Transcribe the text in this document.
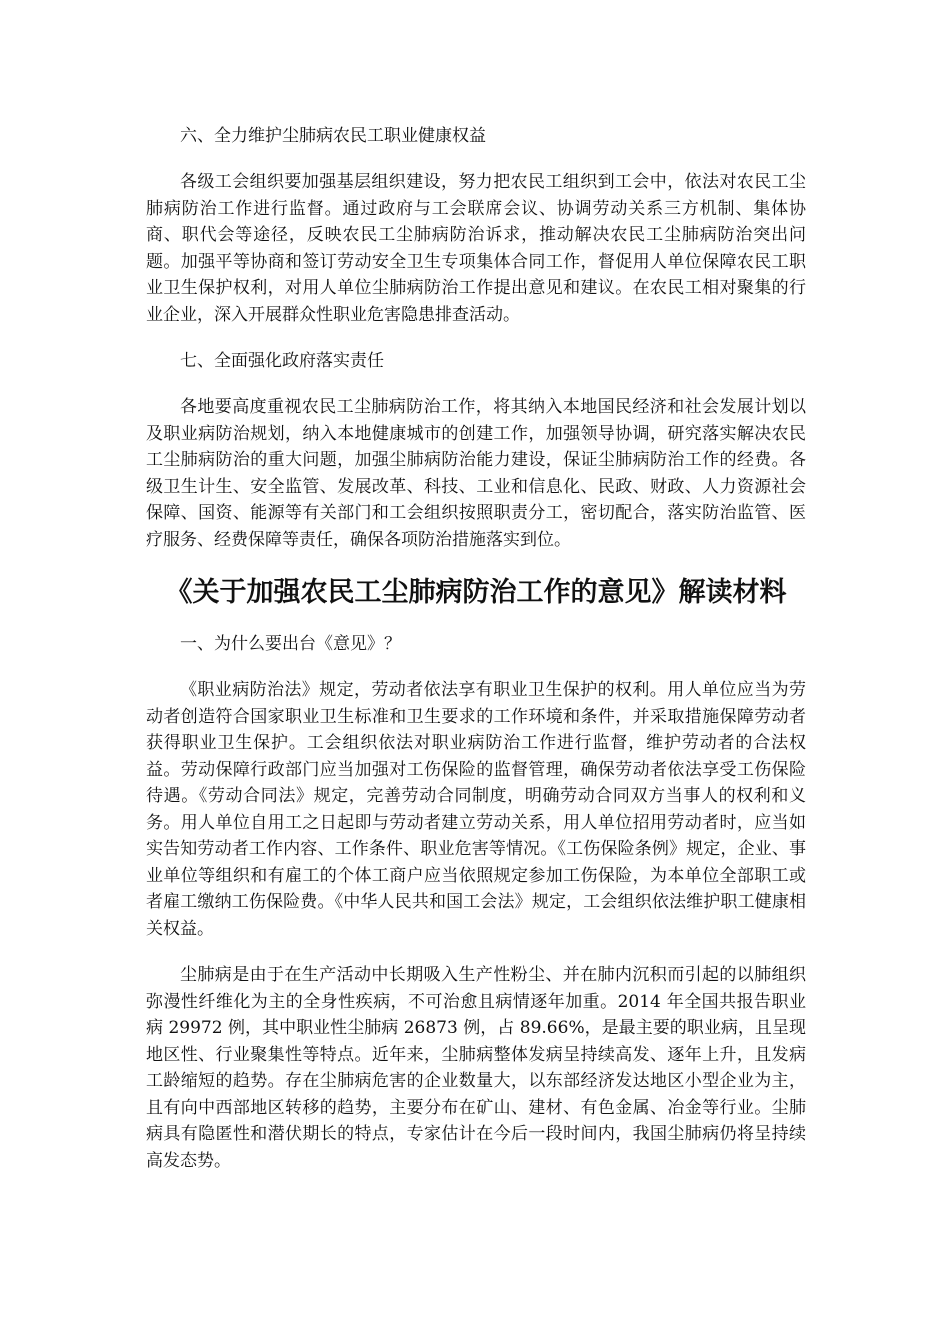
六、全力维护尘肺病农民工职业健康权益

各级工会组织要加强基层组织建设，努力把农民工组织到工会中，依法对农民工尘肺病防治工作进行监督。通过政府与工会联席会议、协调劳动关系三方机制、集体协商、职代会等途径，反映农民工尘肺病防治诉求，推动解决农民工尘肺病防治突出问题。加强平等协商和签订劳动安全卫生专项集体合同工作，督促用人单位保障农民工职业卫生保护权利，对用人单位尘肺病防治工作提出意见和建议。在农民工相对聚集的行业企业，深入开展群众性职业危害隐患排查活动。

七、全面强化政府落实责任

各地要高度重视农民工尘肺病防治工作，将其纳入本地国民经济和社会发展计划以及职业病防治规划，纳入本地健康城市的创建工作，加强领导协调，研究落实解决农民工尘肺病防治的重大问题，加强尘肺病防治能力建设，保证尘肺病防治工作的经费。各级卫生计生、安全监管、发展改革、科技、工业和信息化、民政、财政、人力资源社会保障、国资、能源等有关部门和工会组织按照职责分工，密切配合，落实防治监管、医疗服务、经费保障等责任，确保各项防治措施落实到位。

《关于加强农民工尘肺病防治工作的意见》解读材料

一、为什么要出台《意见》？

《职业病防治法》规定，劳动者依法享有职业卫生保护的权利。用人单位应当为劳动者创造符合国家职业卫生标准和卫生要求的工作环境和条件，并采取措施保障劳动者获得职业卫生保护。工会组织依法对职业病防治工作进行监督，维护劳动者的合法权益。劳动保障行政部门应当加强对工伤保险的监督管理，确保劳动者依法享受工伤保险待遇。《劳动合同法》规定，完善劳动合同制度，明确劳动合同双方当事人的权利和义务。用人单位自用工之日起即与劳动者建立劳动关系，用人单位招用劳动者时，应当如实告知劳动者工作内容、工作条件、职业危害等情况。《工伤保险条例》规定，企业、事业单位等组织和有雇工的个体工商户应当依照规定参加工伤保险，为本单位全部职工或者雇工缴纳工伤保险费。《中华人民共和国工会法》规定，工会组织依法维护职工健康相关权益。

尘肺病是由于在生产活动中长期吸入生产性粉尘、并在肺内沉积而引起的以肺组织弥漫性纤维化为主的全身性疾病，不可治愈且病情逐年加重。2014 年全国共报告职业病 29972 例，其中职业性尘肺病 26873 例，占 89.66%，是最主要的职业病，且呈现地区性、行业聚集性等特点。近年来，尘肺病整体发病呈持续高发、逐年上升，且发病工龄缩短的趋势。存在尘肺病危害的企业数量大，以东部经济发达地区小型企业为主，且有向中西部地区转移的趋势，主要分布在矿山、建材、有色金属、冶金等行业。尘肺病具有隐匿性和潜伏期长的特点，专家估计在今后一段时间内，我国尘肺病仍将呈持续高发态势。
